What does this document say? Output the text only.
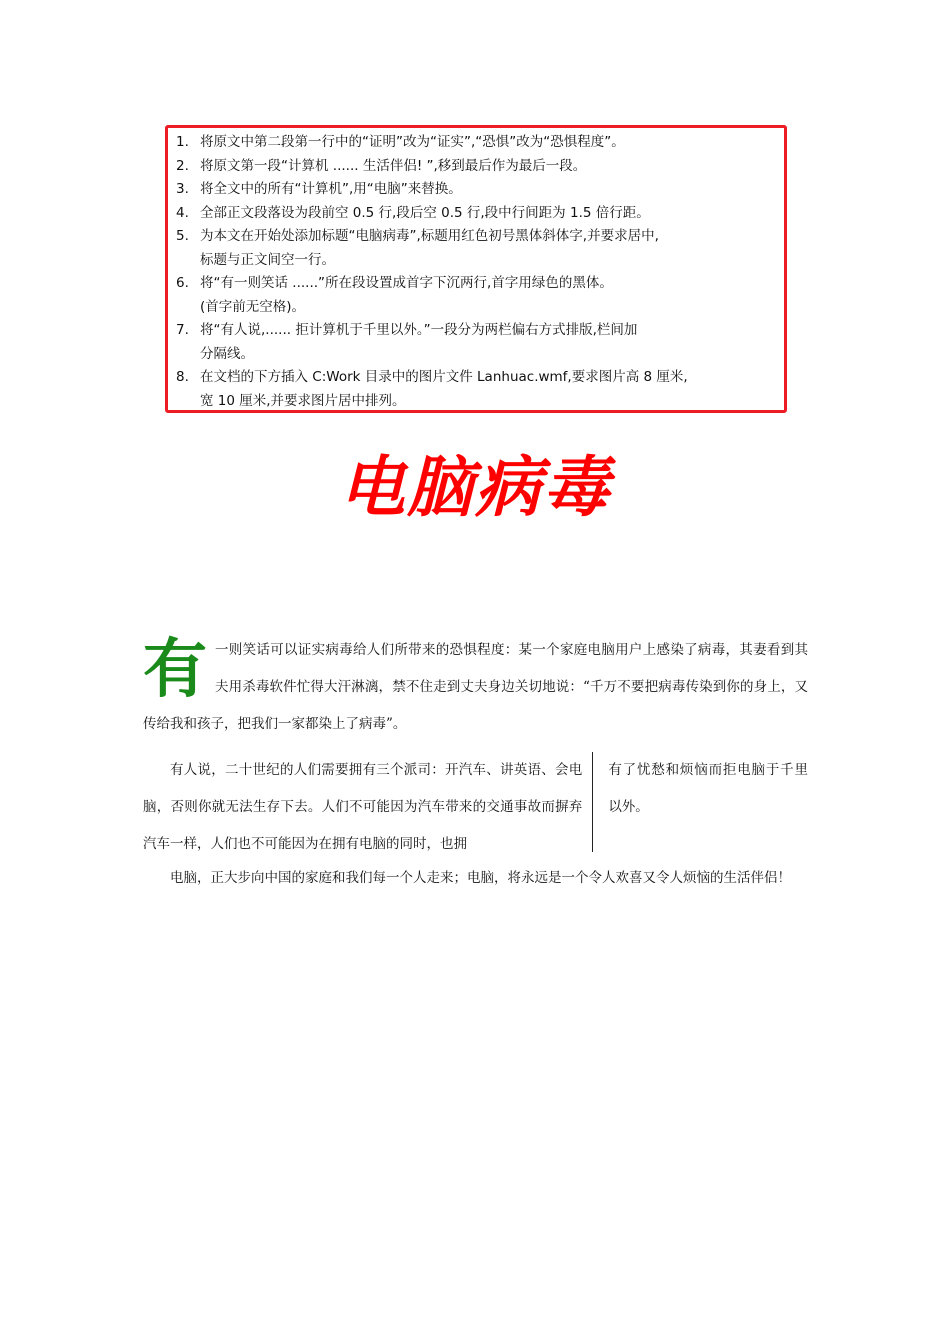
1. 将原文中第二段第一行中的“证明”改为“证实”,“恐惧”改为“恐惧程度”。
2. 将原文第一段“计算机 ...... 生活伴侣! ”,移到最后作为最后一段。
3. 将全文中的所有“计算机”,用“电脑”来替换。
4. 全部正文段落设为段前空 0.5 行,段后空 0.5 行,段中行间距为 1.5 倍行距。
5. 为本文在开始处添加标题“电脑病毒”,标题用红色初号黑体斜体字,并要求居中,
标题与正文间空一行。
6. 将“有一则笑话 ......”所在段设置成首字下沉两行,首字用绿色的黑体。
(首字前无空格)。
7. 将“有人说,...... 拒计算机于千里以外。”一段分为两栏偏右方式排版,栏间加
分隔线。
8. 在文档的下方插入 C:Work 目录中的图片文件 Lanhuac.wmf,要求图片高 8 厘米,
宽 10 厘米,并要求图片居中排列。
电脑病毒
有 一则笑话可以证实病毒给人们所带来的恐惧程度：某一个家庭电脑用户上感染了病毒，其妻看到其夫用杀毒软件忙得大汗淋漓，禁不住走到丈夫身边关切地说：“千万不要把病毒传染到你的身上，又传给我和孩子，把我们一家都染上了病毒”。
有人说，二十世纪的人们需要拥有三个派司：开汽车、讲英语、会电脑，否则你就无法生存下去。人们不可能因为汽车带来的交通事故而摒弃汽车一样，人们也不可能因为在拥有电脑的同时，也拥
有了忧愁和烦恼而拒电脑于千里以外。
电脑，正大步向中国的家庭和我们每一个人走来；电脑，将永远是一个令人欢喜又令人烦恼的生活伴侣！
